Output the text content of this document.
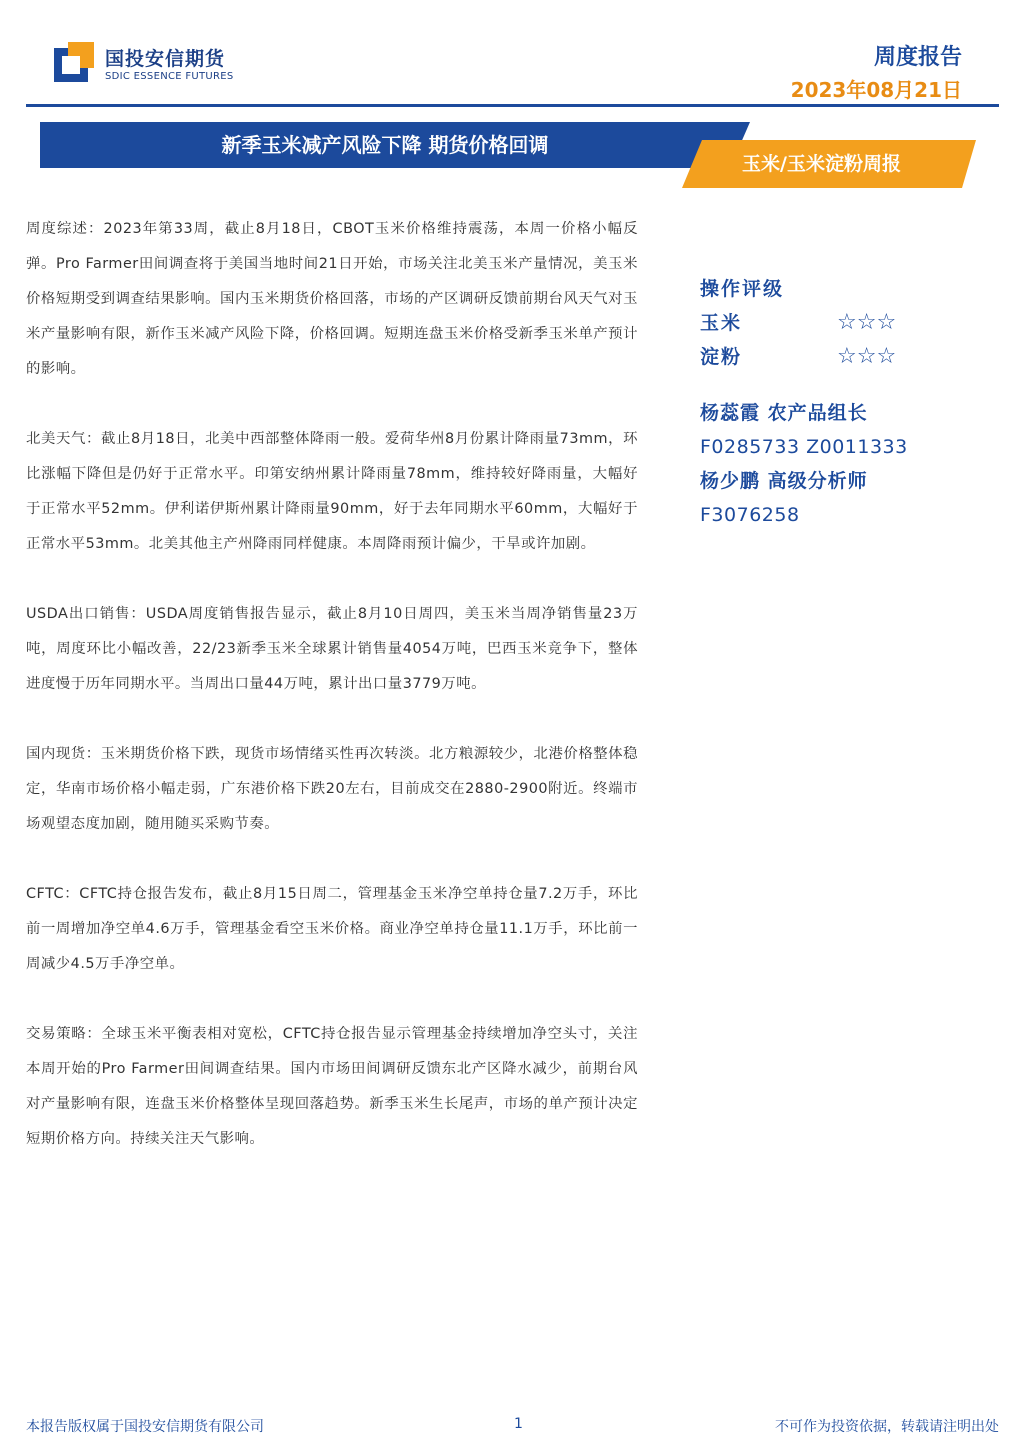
国投安信期货
SDIC ESSENCE FUTURES
周度报告
2023年08月21日
新季玉米减产风险下降 期货价格回调
玉米/玉米淀粉周报

周度综述：2023年第33周，截止8月18日，CBOT玉米价格维持震荡，本周一价格小幅反弹。Pro Farmer田间调查将于美国当地时间21日开始，市场关注北美玉米产量情况，美玉米价格短期受到调查结果影响。国内玉米期货价格回落，市场的产区调研反馈前期台风天气对玉米产量影响有限，新作玉米减产风险下降，价格回调。短期连盘玉米价格受新季玉米单产预计的影响。

北美天气：截止8月18日，北美中西部整体降雨一般。爱荷华州8月份累计降雨量73mm，环比涨幅下降但是仍好于正常水平。印第安纳州累计降雨量78mm，维持较好降雨量，大幅好于正常水平52mm。伊利诺伊斯州累计降雨量90mm，好于去年同期水平60mm，大幅好于正常水平53mm。北美其他主产州降雨同样健康。本周降雨预计偏少，干旱或许加剧。

USDA出口销售：USDA周度销售报告显示，截止8月10日周四，美玉米当周净销售量23万吨，周度环比小幅改善，22/23新季玉米全球累计销售量4054万吨，巴西玉米竞争下，整体进度慢于历年同期水平。当周出口量44万吨，累计出口量3779万吨。

国内现货：玉米期货价格下跌，现货市场情绪买性再次转淡。北方粮源较少，北港价格整体稳定，华南市场价格小幅走弱，广东港价格下跌20左右，目前成交在2880-2900附近。终端市场观望态度加剧，随用随买采购节奏。

CFTC：CFTC持仓报告发布，截止8月15日周二，管理基金玉米净空单持仓量7.2万手，环比前一周增加净空单4.6万手，管理基金看空玉米价格。商业净空单持仓量11.1万手，环比前一周减少4.5万手净空单。

交易策略：全球玉米平衡表相对宽松，CFTC持仓报告显示管理基金持续增加净空头寸，关注本周开始的Pro Farmer田间调查结果。国内市场田间调研反馈东北产区降水减少，前期台风对产量影响有限，连盘玉米价格整体呈现回落趋势。新季玉米生长尾声，市场的单产预计决定短期价格方向。持续关注天气影响。

操作评级
玉米	☆☆☆
淀粉	☆☆☆
杨蕊霞 农产品组长
F0285733 Z0011333
杨少鹏 高级分析师
F3076258
本报告版权属于国投安信期货有限公司	1	不可作为投资依据，转载请注明出处
